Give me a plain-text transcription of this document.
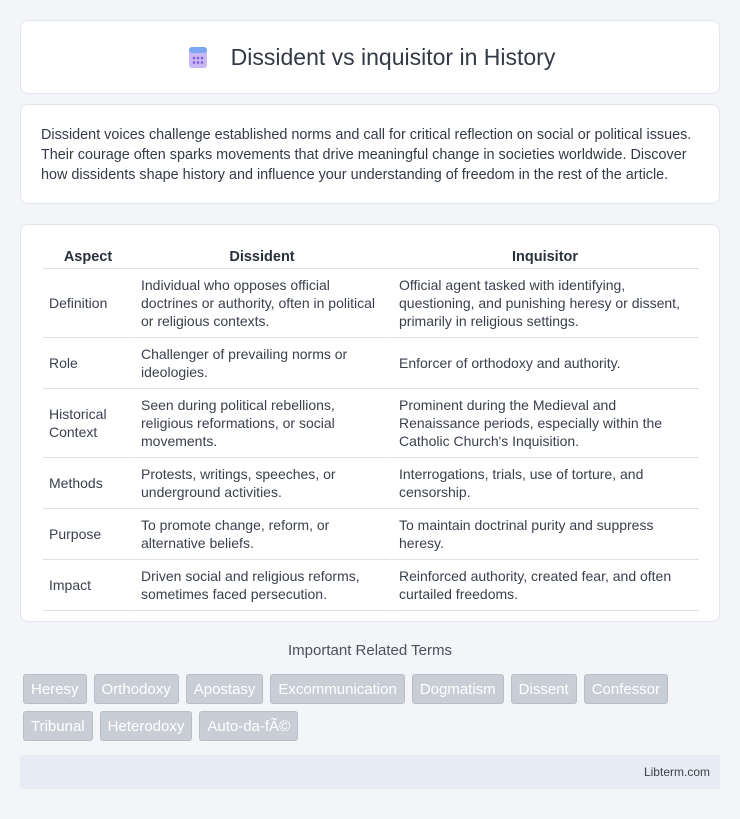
Dissident vs inquisitor in History

Dissident voices challenge established norms and call for critical reflection on social or political issues. Their courage often sparks movements that drive meaningful change in societies worldwide. Discover how dissidents shape history and influence your understanding of freedom in the rest of the article.

Aspect	Dissident	Inquisitor
Definition	Individual who opposes official doctrines or authority, often in political or religious contexts.	Official agent tasked with identifying, questioning, and punishing heresy or dissent, primarily in religious settings.
Role	Challenger of prevailing norms or ideologies.	Enforcer of orthodoxy and authority.
Historical Context	Seen during political rebellions, religious reformations, or social movements.	Prominent during the Medieval and Renaissance periods, especially within the Catholic Church's Inquisition.
Methods	Protests, writings, speeches, or underground activities.	Interrogations, trials, use of torture, and censorship.
Purpose	To promote change, reform, or alternative beliefs.	To maintain doctrinal purity and suppress heresy.
Impact	Driven social and religious reforms, sometimes faced persecution.	Reinforced authority, created fear, and often curtailed freedoms.
Important Related Terms
Heresy	Orthodoxy	Apostasy	Excommunication	Dogmatism	Dissent	Confessor
Tribunal	Heterodoxy	Auto-da-fÃ©
Libterm.com
